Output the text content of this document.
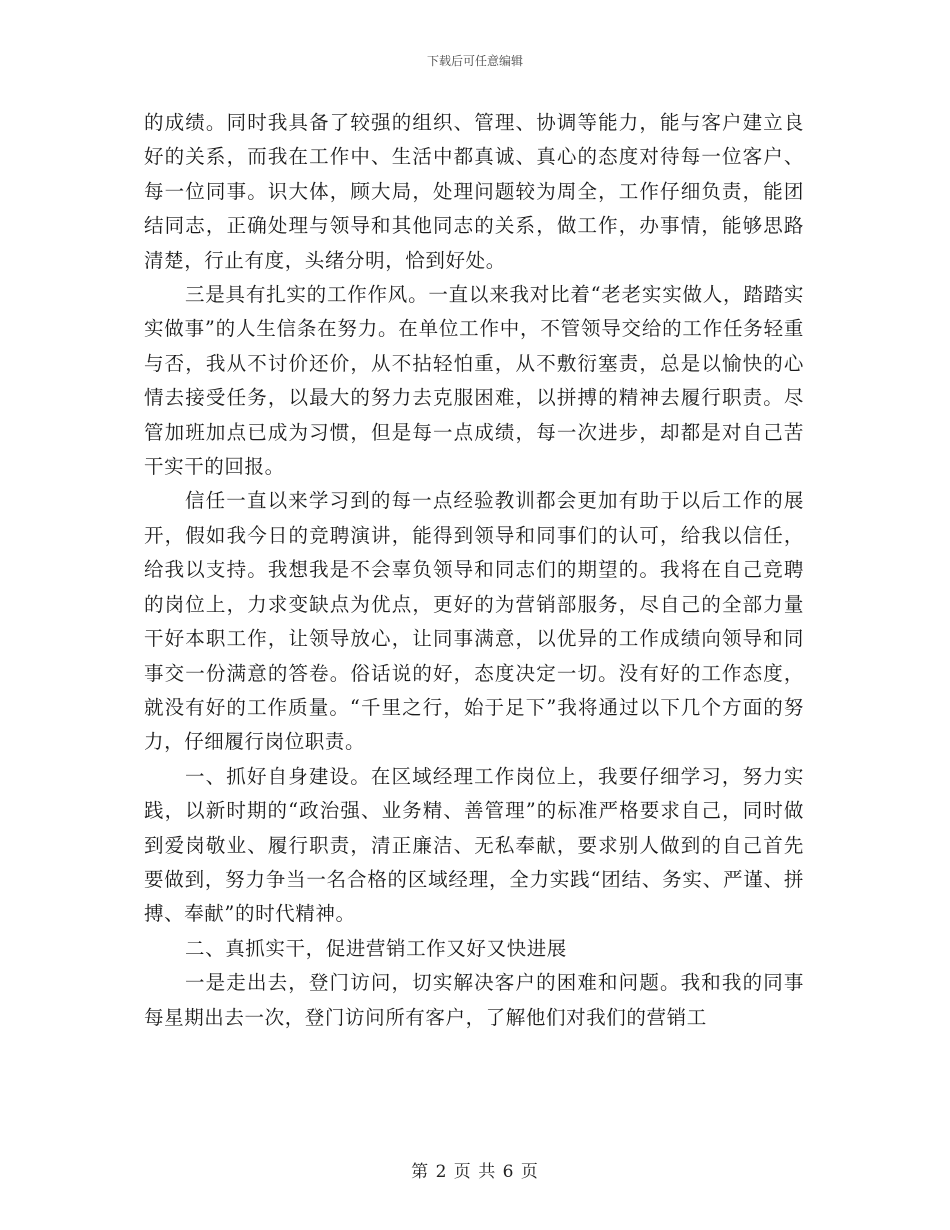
下载后可任意编辑

的成绩。同时我具备了较强的组织、管理、协调等能力，能与客户建立良好的关系，而我在工作中、生活中都真诚、真心的态度对待每一位客户、每一位同事。识大体，顾大局，处理问题较为周全，工作仔细负责，能团结同志，正确处理与领导和其他同志的关系，做工作，办事情，能够思路清楚，行止有度，头绪分明，恰到好处。

三是具有扎实的工作作风。一直以来我对比着“老老实实做人，踏踏实实做事”的人生信条在努力。在单位工作中，不管领导交给的工作任务轻重与否，我从不讨价还价，从不拈轻怕重，从不敷衍塞责，总是以愉快的心情去接受任务，以最大的努力去克服困难，以拼搏的精神去履行职责。尽管加班加点已成为习惯，但是每一点成绩，每一次进步，却都是对自己苦干实干的回报。

信任一直以来学习到的每一点经验教训都会更加有助于以后工作的展开，假如我今日的竞聘演讲，能得到领导和同事们的认可，给我以信任，给我以支持。我想我是不会辜负领导和同志们的期望的。我将在自己竞聘的岗位上，力求变缺点为优点，更好的为营销部服务，尽自己的全部力量干好本职工作，让领导放心，让同事满意，以优异的工作成绩向领导和同事交一份满意的答卷。俗话说的好，态度决定一切。没有好的工作态度，就没有好的工作质量。“千里之行，始于足下”我将通过以下几个方面的努力，仔细履行岗位职责。

一、抓好自身建设。在区域经理工作岗位上，我要仔细学习，努力实践，以新时期的“政治强、业务精、善管理”的标准严格要求自己，同时做到爱岗敬业、履行职责，清正廉洁、无私奉献，要求别人做到的自己首先要做到，努力争当一名合格的区域经理，全力实践“团结、务实、严谨、拼搏、奉献”的时代精神。

二、真抓实干，促进营销工作又好又快进展

一是走出去，登门访问，切实解决客户的困难和问题。我和我的同事每星期出去一次，登门访问所有客户，了解他们对我们的营销工

第 2 页 共 6 页
